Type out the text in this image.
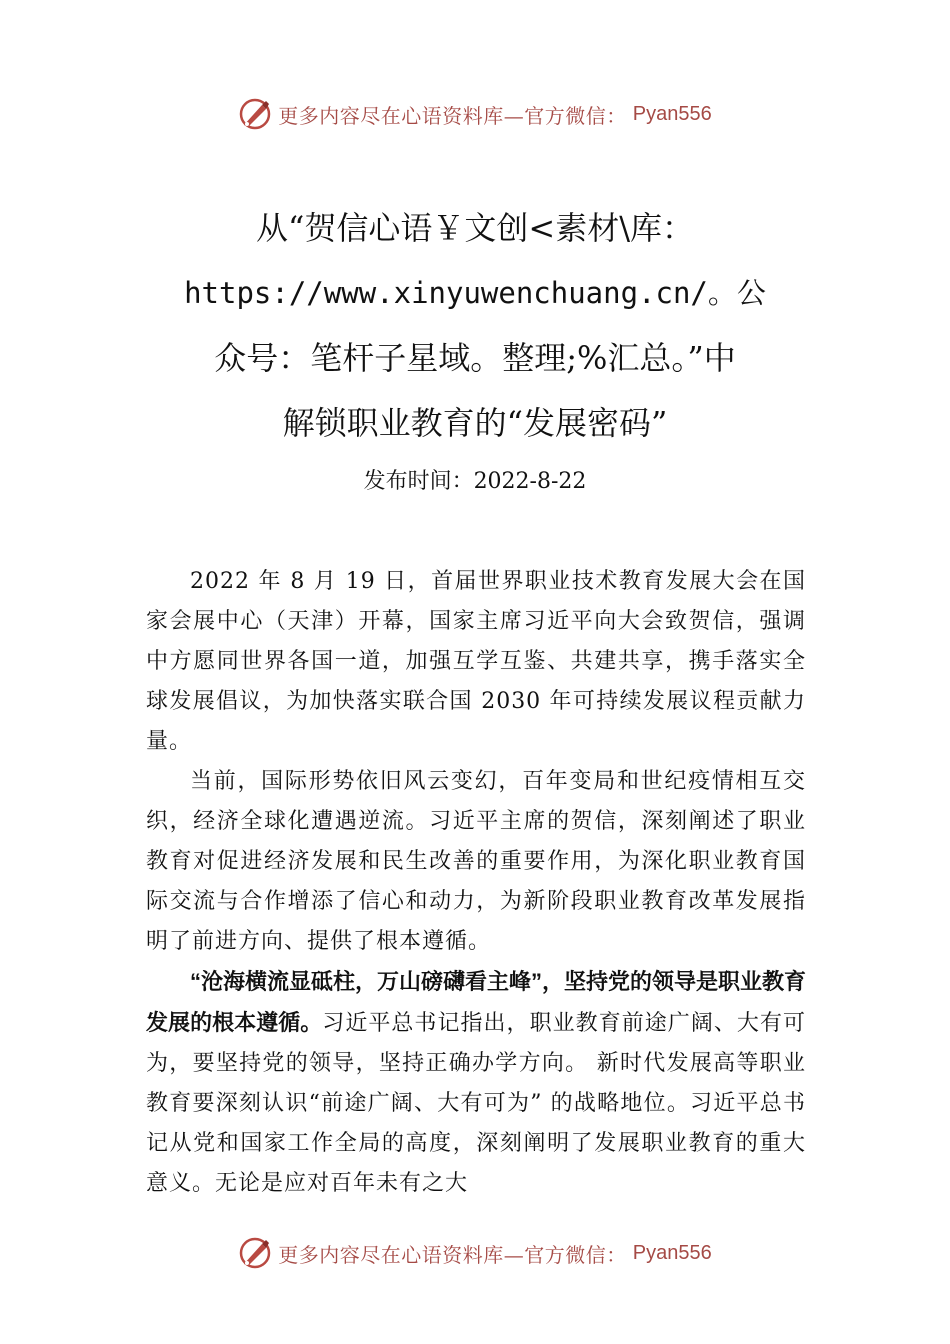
更多内容尽在心语资料库—官方微信： Pyan556
从“贺信心语￥文创<素材\库：
https://www.xinyuwenchuang.cn/。公
众号：笔杆子星域。整理;%汇总。”中
解锁职业教育的“发展密码”
发布时间：2022-8-22

2022 年 8 月 19 日，首届世界职业技术教育发展大会在国家会展中心（天津）开幕，国家主席习近平向大会致贺信，强调中方愿同世界各国一道，加强互学互鉴、共建共享，携手落实全球发展倡议，为加快落实联合国 2030 年可持续发展议程贡献力量。

当前，国际形势依旧风云变幻，百年变局和世纪疫情相互交织，经济全球化遭遇逆流。习近平主席的贺信，深刻阐述了职业教育对促进经济发展和民生改善的重要作用，为深化职业教育国际交流与合作增添了信心和动力，为新阶段职业教育改革发展指明了前进方向、提供了根本遵循。

“沧海横流显砥柱，万山磅礴看主峰”，坚持党的领导是职业教育发展的根本遵循。习近平总书记指出，职业教育前途广阔、大有可为，要坚持党的领导，坚持正确办学方向。 新时代发展高等职业教育要深刻认识“前途广阔、大有可为” 的战略地位。习近平总书记从党和国家工作全局的高度，深刻阐明了发展职业教育的重大意义。无论是应对百年未有之大

更多内容尽在心语资料库—官方微信： Pyan556
